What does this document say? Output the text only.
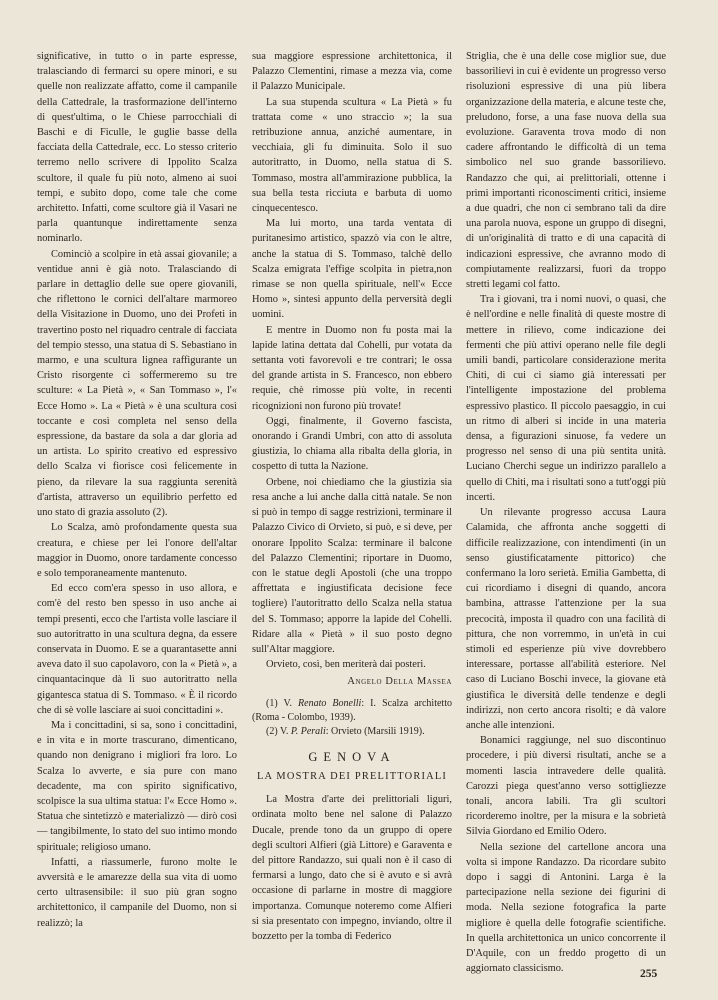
significative, in tutto o in parte espresse, tralasciando di fermarci su opere minori, e su quelle non realizzate affatto, come il campanile della Cattedrale, la trasformazione dell'interno di quest'ultima, o le Chiese parrocchiali di Baschi e di Ficulle, le guglie basse della facciata della Cattedrale, ecc. Lo stesso criterio terremo nello scrivere di Ippolito Scalza scultore, il quale fu più noto, almeno ai suoi tempi, e subito dopo, come tale che come architetto. Infatti, come scultore già il Vasari ne parla quantunque indirettamente senza nominarlo.

Cominciò a scolpire in età assai giovanile; a ventidue anni è già noto. Tralasciando di parlare in dettaglio delle sue opere giovanili, che riflettono le cornici dell'altare marmoreo della Visitazione in Duomo, uno dei Profeti in travertino posto nel riquadro centrale di facciata del tempio stesso, una statua di S. Sebastiano in marmo, e una scultura lignea raffigurante un Cristo risorgente ci soffermeremo su tre sculture: « La Pietà », « San Tommaso », l'« Ecce Homo ». La « Pietà » è una scultura così toccante e così completa nel senso della espressione, da bastare da sola a dar gloria ad un artista. Lo spirito creativo ed espressivo dello Scalza vi fiorisce così felicemente in pieno, da rilevare la sua raggiunta serenità d'artista, attraverso un equilibrio perfetto ed uno stato di grazia assoluto (2).

Lo Scalza, amò profondamente questa sua creatura, e chiese per lei l'onore dell'altar maggior in Duomo, onore tardamente concesso e solo temporaneamente mantenuto.

Ed ecco com'era spesso in uso allora, e com'è del resto ben spesso in uso anche ai tempi presenti, ecco che l'artista volle lasciare il suo autoritratto in una scultura degna, da essere conservata in Duomo. E se a quarantasette anni aveva dato il suo capolavoro, con la « Pietà », a cinquantacinque dà lì suo autoritratto nella gigantesca statua di S. Tommaso. « È il ricordo che di sè volle lasciare ai suoi concittadini ».

Ma i concittadini, si sa, sono i concittadini, e in vita e in morte trascurano, dimenticano, quando non denigrano i migliori fra loro. Lo Scalza lo avverte, e sia pure con mano decadente, ma con spirito significativo, scolpisce la sua ultima statua: l'« Ecce Homo ». Statua che sintetizzò e materializzò — dirò così — tangibilmente, lo stato del suo intimo mondo spirituale; religioso umano.

Infatti, a riassumerle, furono molte le avversità e le amarezze della sua vita di uomo certo ultrasensibile: il suo più gran sogno architettonico, il campanile del Duomo, non si realizzò; la

sua maggiore espressione architettonica, il Palazzo Clementini, rimase a mezza via, come il Palazzo Municipale.

La sua stupenda scultura « La Pietà » fu trattata come « uno straccio »; la sua retribuzione annua, anziché aumentare, in vecchiaia, gli fu diminuita. Solo il suo autoritratto, in Duomo, nella statua di S. Tommaso, mostra all'ammirazione pubblica, la sua bella testa ricciuta e barbuta di uomo cinquecentesco.

Ma lui morto, una tarda ventata di puritanesimo artistico, spazzò via con le altre, anche la statua di S. Tommaso, talchè dello Scalza emigrata l'effige scolpita in pietra,non rimase se non quella spirituale, nell'« Ecce Homo », sintesi appunto della perversità degli uomini.

E mentre in Duomo non fu posta mai la lapide latina dettata dal Cohelli, pur votata da settanta voti favorevoli e tre contrari; le ossa del grande artista in S. Francesco, non ebbero requie, chè rimosse più volte, in recenti ricognizioni non furono più trovate!

Oggi, finalmente, il Governo fascista, onorando i Grandi Umbri, con atto di assoluta giustizia, lo chiama alla ribalta della gloria, in cospetto di tutta la Nazione.

Orbene, noi chiediamo che la giustizia sia resa anche a lui anche dalla città natale. Se non si può in tempo di sagge restrizioni, terminare il Palazzo Civico di Orvieto, si può, e si deve, per onorare Ippolito Scalza: terminare il balcone del Palazzo Clementini; riportare in Duomo, con le statue degli Apostoli (che una troppo affrettata e ingiustificata decisione fece togliere) l'autoritratto dello Scalza nella statua del S. Tommaso; apporre la lapide del Cohelli. Ridare alla « Pietà » il suo posto degno sull'Altar maggiore.

Orvieto, così, ben meriterà dai posteri.

Angelo Della Massea

(1) V. Renato Bonelli: I. Scalza architetto (Roma - Colombo, 1939).

(2) V. P. Perali: Orvieto (Marsili 1919).

GENOVA
LA MOSTRA DEI PRELITTORIALI

La Mostra d'arte dei prelittoriali liguri, ordinata molto bene nel salone di Palazzo Ducale, prende tono da un gruppo di opere degli scultori Alfieri (già Littore) e Garaventa e del pittore Randazzo, sui quali non è il caso di fermarsi a lungo, dato che si è avuto e si avrà occasione di parlarne in mostre di maggiore importanza. Comunque noteremo come Alfieri si sia presentato con impegno, inviando, oltre il bozzetto per la tomba di Federico

Striglia, che è una delle cose miglior sue, due bassorilievi in cui è evidente un progresso verso risoluzioni espressive di una più libera organizzazione della materia, e alcune teste che, preludono, forse, a una fase nuova della sua evoluzione. Garaventa trova modo di non cadere affrontando le difficoltà di un tema simbolico nel suo grande bassorilievo. Randazzo che qui, ai prelittoriali, ottenne i primi importanti riconoscimenti critici, insieme a due quadri, che non ci sembrano tali da dire una parola nuova, espone un gruppo di disegni, di un'originalità di tratto e di una capacità di indicazioni espressive, che avranno modo di compiutamente realizzarsi, fuori da troppo stretti legami col fatto.

Tra i giovani, tra i nomi nuovi, o quasi, che è nell'ordine e nelle finalità di queste mostre di mettere in rilievo, come indicazione dei fermenti che più attivi operano nelle file degli umili bandi, particolare considerazione merita Chiti, di cui ci siamo già interessati per l'intelligente impostazione del problema espressivo plastico. Il piccolo paesaggio, in cui un ritmo di alberi si incide in una materia densa, a figurazioni sinuose, fa vedere un progresso nel senso di una più sentita unità. Luciano Cherchi segue un indirizzo parallelo a quello di Chiti, ma i risultati sono a tutt'oggi più incerti.

Un rilevante progresso accusa Laura Calamida, che affronta anche soggetti di difficile realizzazione, con intendimenti (in un senso giustificatamente pittorico) che confermano la loro serietà. Emilia Gambetta, di cui ricordiamo i disegni di quando, ancora bambina, attrasse l'attenzione per la sua precocità, imposta il quadro con una facilità di pittura, che non vorremmo, in un'età in cui stimoli ed esperienze più vive dovrebbero interessare, portasse all'abilità esteriore. Nel caso di Luciano Boschi invece, la giovane età giustifica le diversità delle tendenze e degli indirizzi, non certo ancora risolti; e dà valore anche alle intenzioni.

Bonamici raggiunge, nel suo discontinuo procedere, i più diversi risultati, anche se a momenti lascia intravedere delle qualità. Carozzi piega quest'anno verso sottigliezze tonali, ancora labili. Tra gli scultori ricorderemo inoltre, per la misura e la sobrietà Silvia Giordano ed Emilio Odero.

Nella sezione del cartellone ancora una volta si impone Randazzo. Da ricordare subito dopo i saggi di Antonini. Larga è la partecipazione nella sezione dei figurini di moda. Nella sezione fotografica la parte migliore è quella delle fotografie scientifiche. In quella architettonica un unico concorrente il D'Aquile, con un freddo progetto di un aggiornato classicismo.	255
